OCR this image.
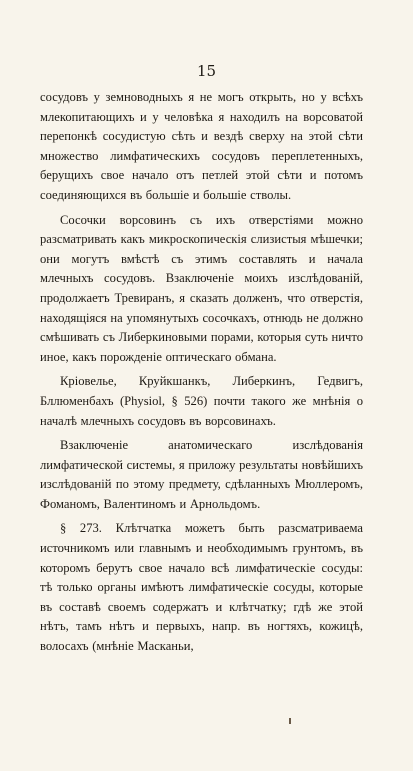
15

сосудовъ у земноводныхъ я не могъ открыть, но у всѣхъ млекопитающихъ и у человѣка я находилъ на ворсоватой перепонкѣ сосудистую сѣть и вездѣ сверху на этой сѣти множество лимфатическихъ сосудовъ переплетенныхъ, берущихъ свое начало отъ петлей этой сѣти и потомъ соединяющихся въ большіе и большіе стволы.

Сосочки ворсовинъ съ ихъ отверстіями можно разсматривать какъ микроскопическія слизистыя мѣшечки; они могутъ вмѣстѣ съ этимъ составлять и начала млечныхъ сосудовъ. Взаключеніе моихъ изслѣдованій, продолжаетъ Тревиранъ, я сказать долженъ, что отверстія, находящіяся на упомянутыхъ сосочкахъ, отнюдь не должно смѣшивать съ Либеркиновыми порами, которыя суть ничто иное, какъ порожденіе оптическаго обмана.

Кріовелье, Круйкшанкъ, Либеркинъ, Гедвигъ, Бллюменбахъ (Physiol, § 526) почти такого же мнѣнія о началѣ млечныхъ сосудовъ въ ворсовинахъ.

Взаключеніе анатомическаго изслѣдованія лимфатической системы, я приложу результаты новѣйшихъ изслѣдованій по этому предмету, сдѣланныхъ Мюллеромъ, Фоманомъ, Валентиномъ и Арнольдомъ.

§ 273. Клѣтчатка можетъ быть разсматриваема источникомъ или главнымъ и необходимымъ грунтомъ, въ которомъ берутъ свое начало всѣ лимфатическіе сосуды: тѣ только органы имѣютъ лимфатическіе сосуды, которые въ составѣ своемъ содержатъ и клѣтчатку; гдѣ же этой нѣтъ, тамъ нѣтъ и первыхъ, напр. въ ногтяхъ, кожицѣ, волосахъ (мнѣніе Масканьи,
